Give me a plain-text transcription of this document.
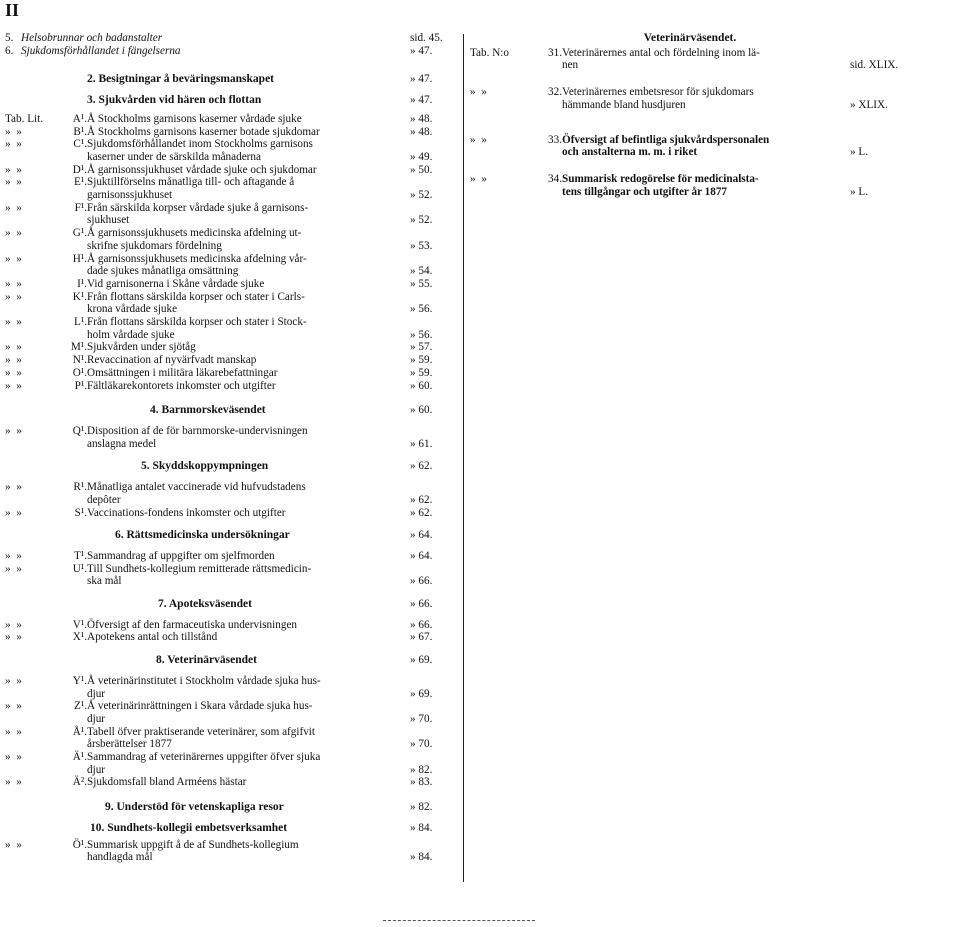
II
5. Helsobrunnar och badanstalter	sid. 45.
6. Sjukdomsförhållandet i fängelserna	» 47.
2. Besigtningar å beväringsmanskapet	» 47.
3. Sjukvården vid hären och flottan	» 47.
Tab. Lit.	A¹. Å Stockholms garnisons kaserner vårdade sjuke	» 48.
»  »	B¹. Å Stockholms garnisons kaserner botade sjukdomar	» 48.
»  »	C¹. Sjukdomsförhållandet inom Stockholms garnisons
kaserner under de särskilda månaderna	» 49.
»  »	D¹. Å garnisonssjukhuset vårdade sjuke och sjukdomar	» 50.
»  »	E¹. Sjuktillförselns månatliga till- och aftagande å
garnisonssjukhuset	» 52.
»  »	F¹. Från särskilda korpser vårdade sjuke å garnisons-
sjukhuset	» 52.
»  »	G¹. Å garnisonssjukhusets medicinska afdelning ut-
skrifne sjukdomars fördelning	» 53.
»  »	H¹. Å garnisonssjukhusets medicinska afdelning vår-
dade sjukes månatliga omsättning	» 54.
»  »	I¹. Vid garnisonerna i Skåne vårdade sjuke	» 55.
»  »	K¹. Från flottans särskilda korpser och stater i Carls-
krona vårdade sjuke	» 56.
»  »	L¹. Från flottans särskilda korpser och stater i Stock-
holm vårdade sjuke	» 56.
»  »	M¹. Sjukvården under sjötåg	» 57.
»  »	N¹. Revaccination af nyvärfvadt manskap	» 59.
»  »	O¹. Omsättningen i militära läkarebefattningar	» 59.
»  »	P¹. Fältläkarekontorets inkomster och utgifter	» 60.
4. Barnmorskeväsendet	» 60.
»  »	Q¹. Disposition af de för barnmorske-undervisningen
anslagna medel	» 61.
5. Skyddskoppympningen	» 62.
»  »	R¹. Månatliga antalet vaccinerade vid hufvudstadens
depôter	» 62.
»  »	S¹. Vaccinations-fondens inkomster och utgifter	» 62.
6. Rättsmedicinska undersökningar	» 64.
»  »	T¹. Sammandrag af uppgifter om sjelfmorden	» 64.
»  »	U¹. Till Sundhets-kollegium remitterade rättsmedicin-
ska mål	» 66.
7. Apoteksväsendet	» 66.
»  »	V¹. Öfversigt af den farmaceutiska undervisningen	» 66.
»  »	X¹. Apotekens antal och tillstånd	» 67.
8. Veterinärväsendet	» 69.
»  »	Y¹. Å veterinärinstitutet i Stockholm vårdade sjuka hus-
djur	» 69.
»  »	Z¹. Å veterinärinrättningen i Skara vårdade sjuka hus-
djur	» 70.
»  »	Å¹. Tabell öfver praktiserande veterinärer, som afgifvit
årsberättelser 1877	» 70.
»  »	Ä¹. Sammandrag af veterinärernes uppgifter öfver sjuka
djur	» 82.
»  »	Ä². Sjukdomsfall bland Arméens hästar	» 83.
9. Understöd för vetenskapliga resor	» 82.
10. Sundhets-kollegii embetsverksamhet	» 84.
»  »	Ö¹. Summarisk uppgift å de af Sundhets-kollegium
handlagda mål	» 84.
Veterinärväsendet.
Tab. N:o	31. Veterinärernes antal och fördelning inom lä-
nen	sid. XLIX.
»  »	32. Veterinärernes embetsresor för sjukdomars
hämmande bland husdjuren	» XLIX.
»  »	33. Öfversigt af befintliga sjukvårdspersonalen
och anstalterna m. m. i riket	» L.
»  »	34. Summarisk redogörelse för medicinalsta-
tens tillgångar och utgifter år 1877	» L.
